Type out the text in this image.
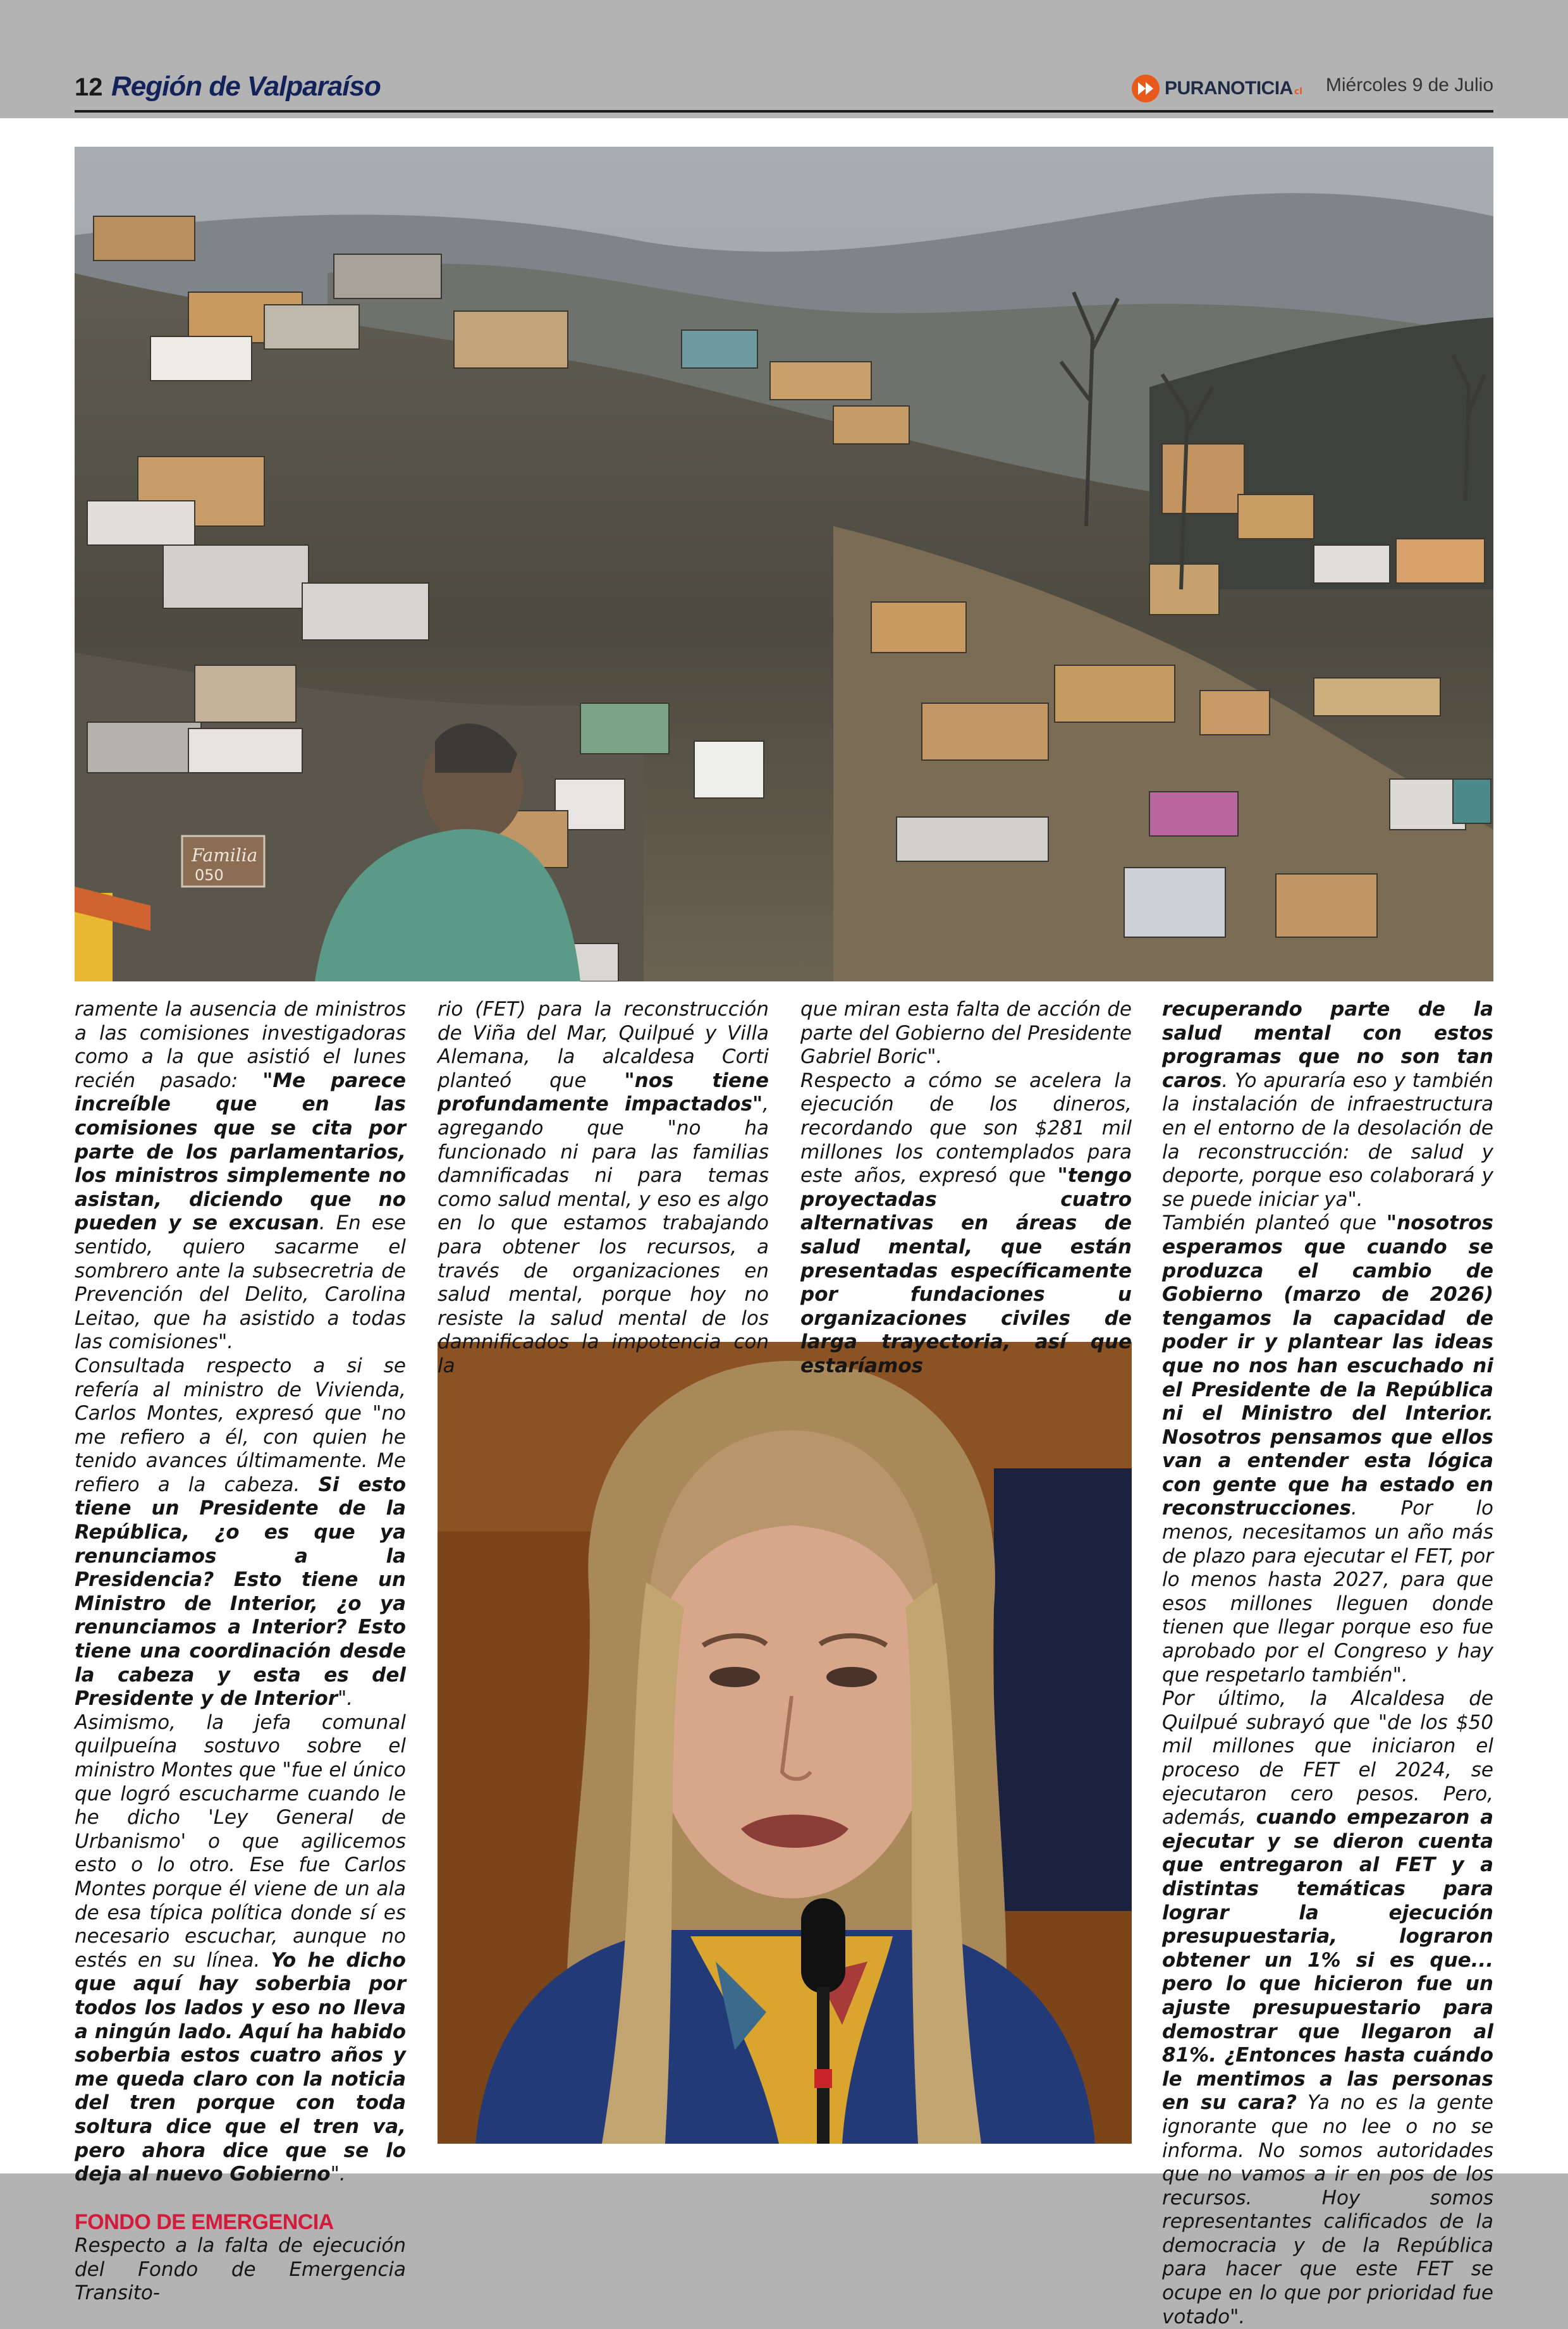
12 Región de Valparaíso	PURANOTICIA cl Miércoles 9 de Julio
Familia
050

ramente la ausencia de ministros a las comisiones investigadoras como a la que asistió el lunes recién pasado: "Me parece increíble que en las comisiones que se cita por parte de los parlamentarios, los ministros simplemente no asistan, diciendo que no pueden y se excusan. En ese sentido, quiero sacarme el sombrero ante la subsecretria de Prevención del Delito, Carolina Leitao, que ha asistido a todas las comisiones".

Consultada respecto a si se refería al ministro de Vivienda, Carlos Montes, expresó que "no me refiero a él, con quien he tenido avances últimamente. Me refiero a la cabeza. Si esto tiene un Presidente de la República, ¿o es que ya renunciamos a la Presidencia? Esto tiene un Ministro de Interior, ¿o ya renunciamos a Interior? Esto tiene una coordinación desde la cabeza y esta es del Presidente y de Interior".

Asimismo, la jefa comunal quilpueína sostuvo sobre el ministro Montes que "fue el único que logró escucharme cuando le he dicho 'Ley General de Urbanismo' o que agilicemos esto o lo otro. Ese fue Carlos Montes porque él viene de un ala de esa típica política donde sí es necesario escuchar, aunque no estés en su línea. Yo he dicho que aquí hay soberbia por todos los lados y eso no lleva a ningún lado. Aquí ha habido soberbia estos cuatro años y me queda claro con la noticia del tren porque con toda soltura dice que el tren va, pero ahora dice que se lo deja al nuevo Gobierno".

FONDO DE EMERGENCIA

Respecto a la falta de ejecución del Fondo de Emergencia Transito-

rio (FET) para la reconstrucción de Viña del Mar, Quilpué y Villa Alemana, la alcaldesa Corti planteó que "nos tiene profundamente impactados", agregando que "no ha funcionado ni para las familias damnificadas ni para temas como salud mental, y eso es algo en lo que estamos trabajando para obtener los recursos, a través de organizaciones en salud mental, porque hoy no resiste la salud mental de los damnificados la impotencia con la

que miran esta falta de acción de parte del Gobierno del Presidente Gabriel Boric".

Respecto a cómo se acelera la ejecución de los dineros, recordando que son $281 mil millones los contemplados para este años, expresó que "tengo proyectadas cuatro alternativas en áreas de salud mental, que están presentadas específicamente por fundaciones u organizaciones civiles de larga trayectoria, así que estaríamos

recuperando parte de la salud mental con estos programas que no son tan caros. Yo apuraría eso y también la instalación de infraestructura en el entorno de la desolación de la reconstrucción: de salud y deporte, porque eso colaborará y se puede iniciar ya".

También planteó que "nosotros esperamos que cuando se produzca el cambio de Gobierno (marzo de 2026) tengamos la capacidad de poder ir y plantear las ideas que no nos han escuchado ni el Presidente de la República ni el Ministro del Interior. Nosotros pensamos que ellos van a entender esta lógica con gente que ha estado en reconstrucciones. Por lo menos, necesitamos un año más de plazo para ejecutar el FET, por lo menos hasta 2027, para que esos millones lleguen donde tienen que llegar porque eso fue aprobado por el Congreso y hay que respetarlo también".

Por último, la Alcaldesa de Quilpué subrayó que "de los $50 mil millones que iniciaron el proceso de FET el 2024, se ejecutaron cero pesos. Pero, además, cuando empezaron a ejecutar y se dieron cuenta que entregaron al FET y a distintas temáticas para lograr la ejecución presupuestaria, lograron obtener un 1% si es que... pero lo que hicieron fue un ajuste presupuestario para demostrar que llegaron al 81%. ¿Entonces hasta cuándo le mentimos a las personas en su cara? Ya no es la gente ignorante que no lee o no se informa. No somos autoridades que no vamos a ir en pos de los recursos. Hoy somos representantes calificados de la democracia y de la República para hacer que este FET se ocupe en lo que por prioridad fue votado".
